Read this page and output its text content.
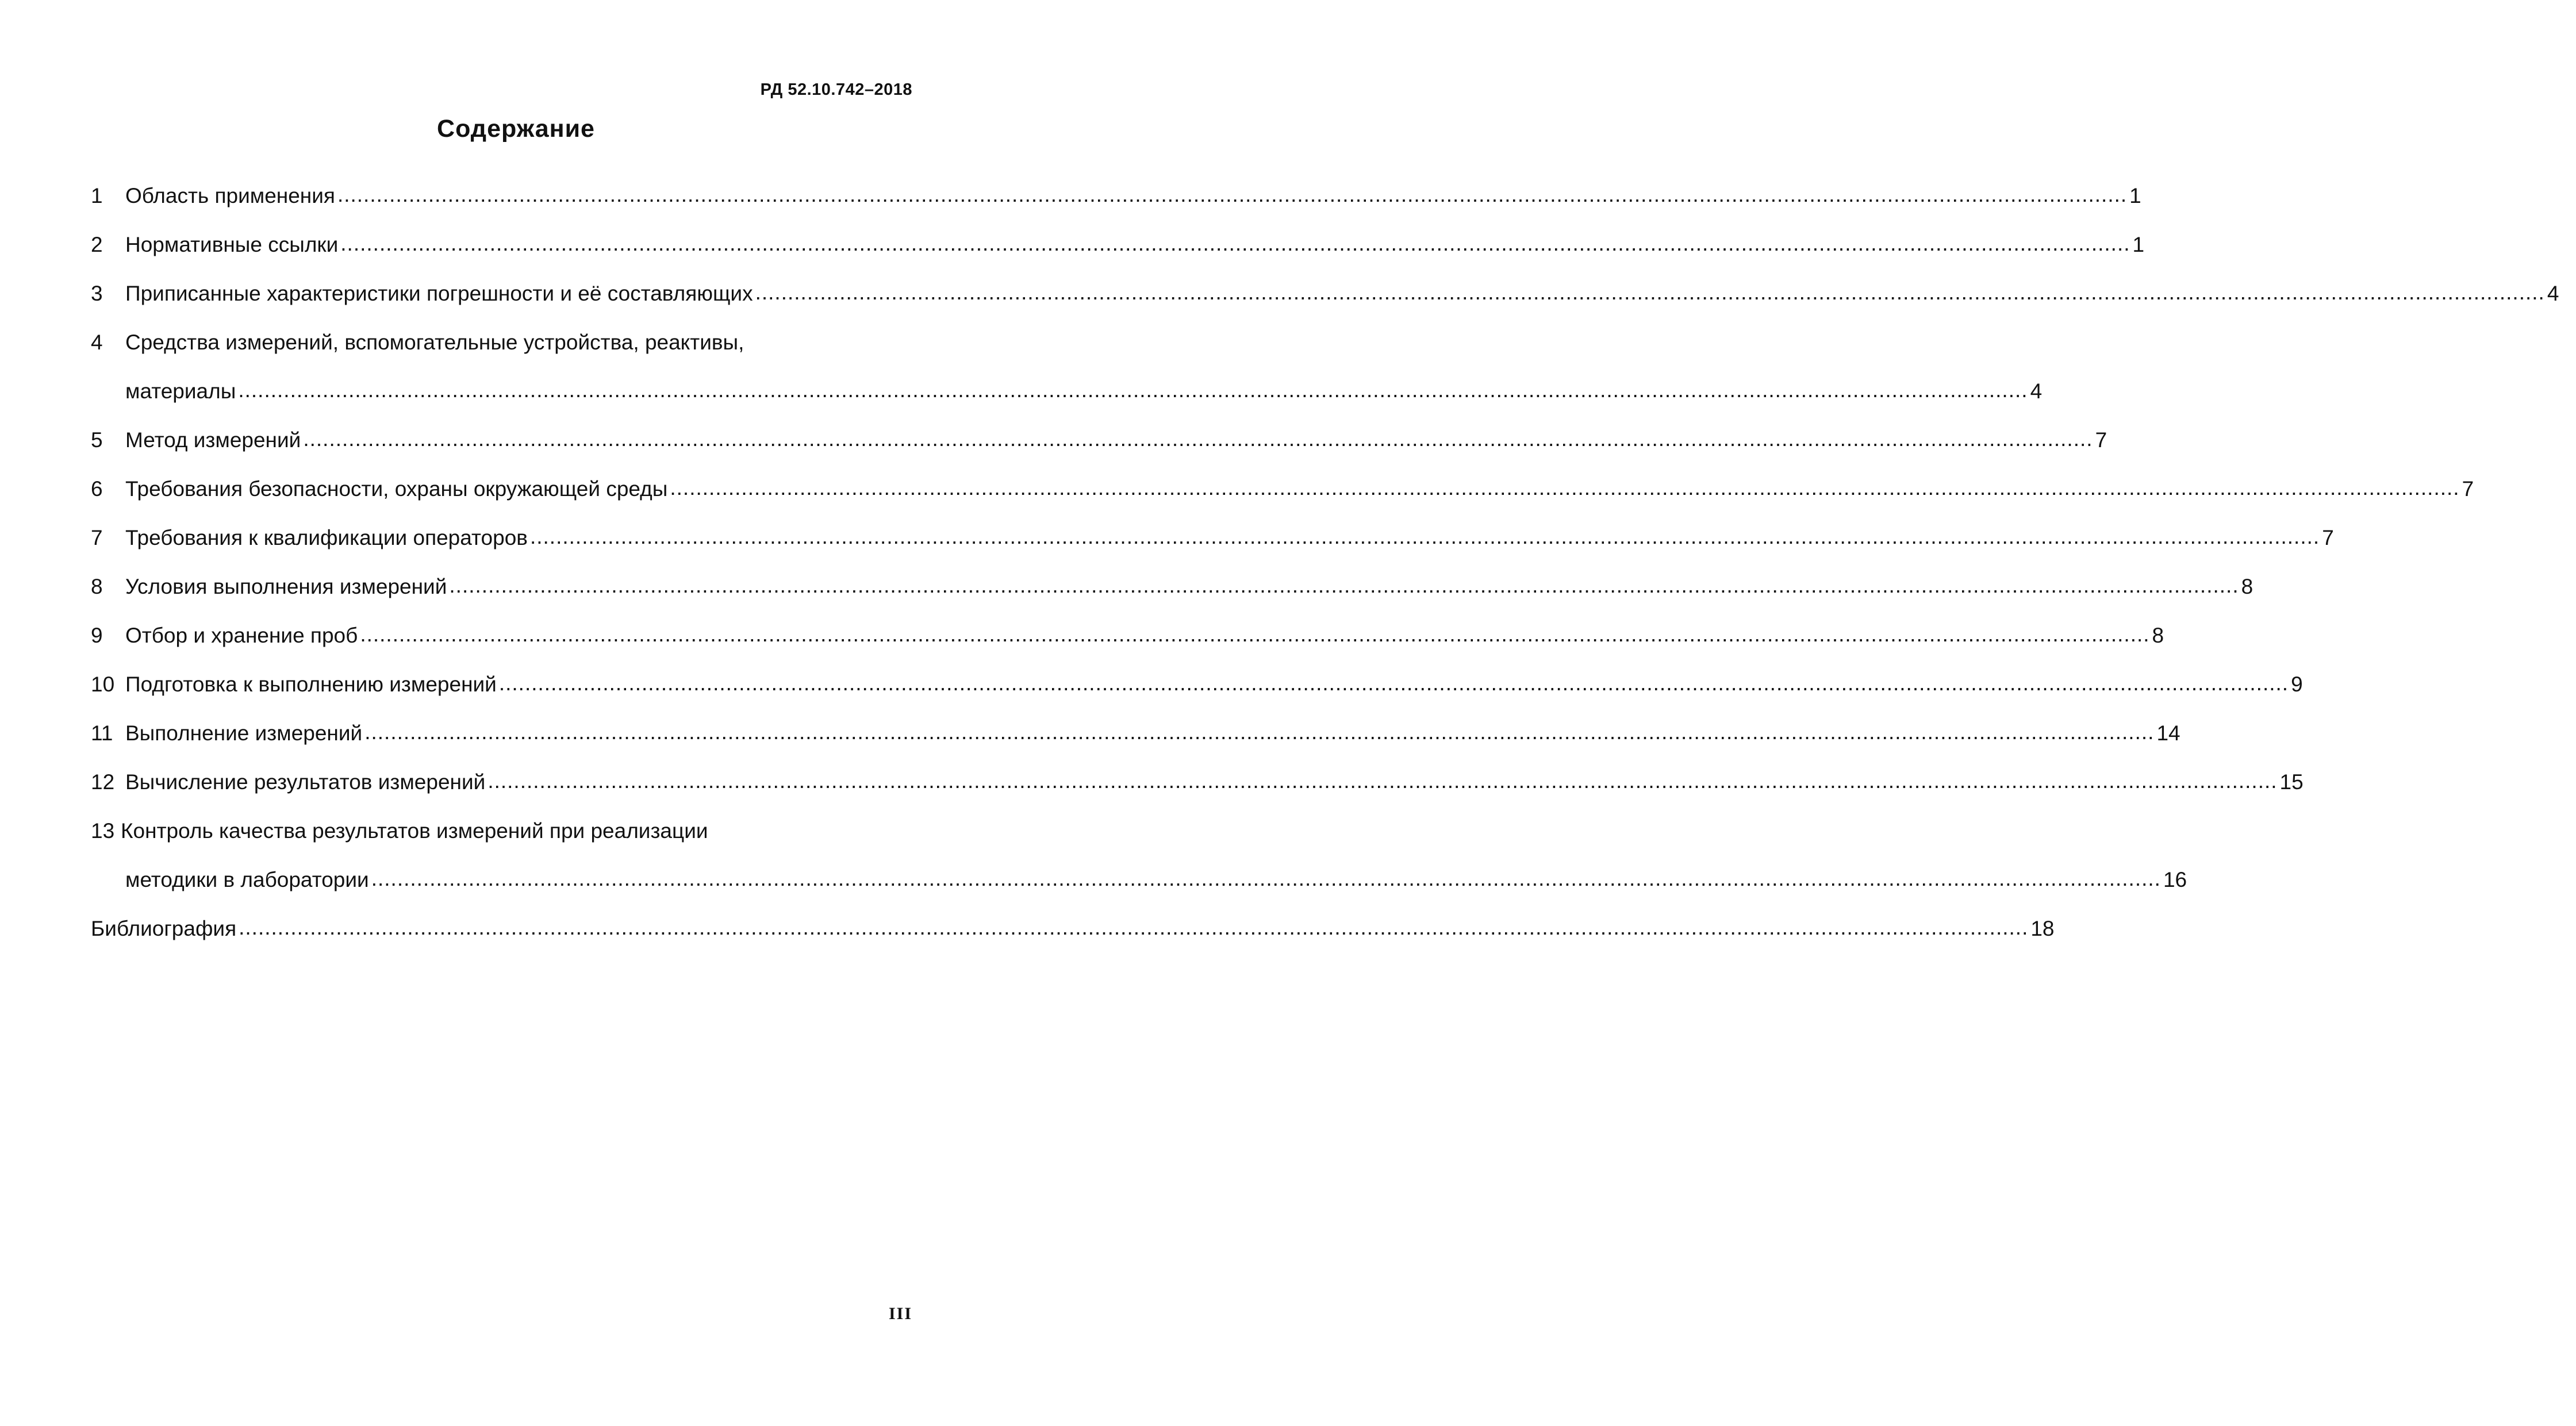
РД 52.10.742–2018
Содержание
1	Область применения .....	1
2	Нормативные ссылки .....	1
3	Приписанные характеристики погрешности и её составляющих .....	4
4	Средства измерений, вспомогательные устройства, реактивы,
материалы .....	4
5	Метод измерений .....	7
6	Требования безопасности, охраны окружающей среды .....	7
7	Требования к квалификации операторов .....	7
8	Условия выполнения измерений .....	8
9	Отбор и хранение проб .....	8
10 Подготовка к выполнению измерений .....	9
11 Выполнение измерений .....	14
12 Вычисление результатов измерений .....	15
13 Контроль качества результатов измерений при реализации
методики в лаборатории .....	16
Библиография .....	18
III
